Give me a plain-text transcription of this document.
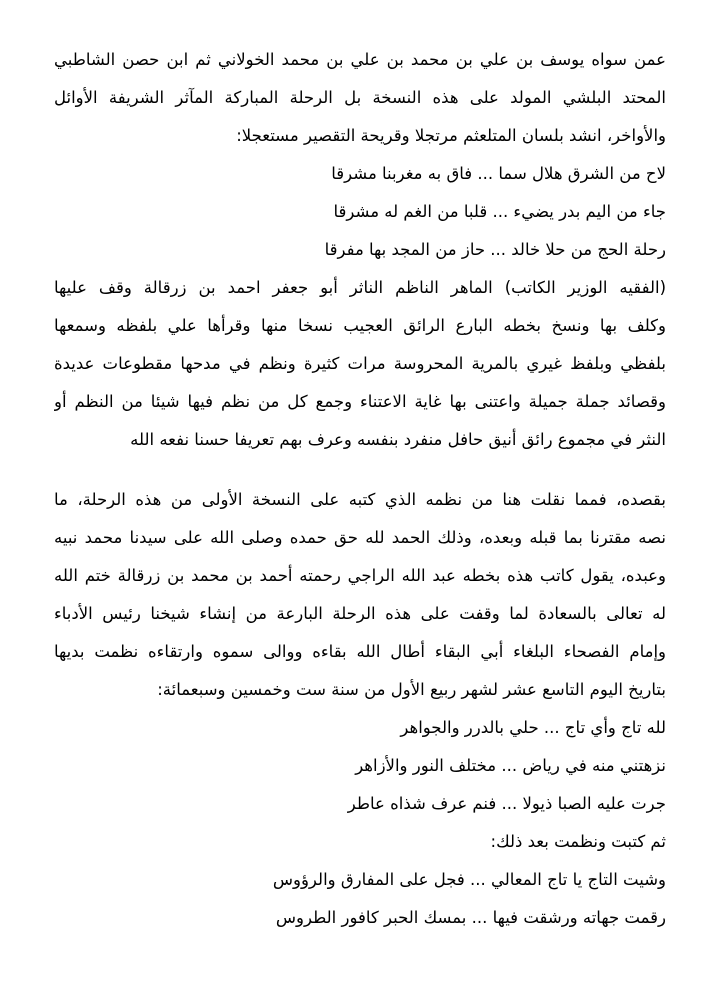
عمن سواه يوسف بن علي بن محمد بن علي بن محمد الخولاني ثم ابن حصن الشاطبي
المحتد البلشي المولد على هذه النسخة بل الرحلة المباركة المآثر الشريفة الأوائل
والأواخر، انشد بلسان المتلعثم مرتجلا وقريحة التقصير مستعجلا:
لاح من الشرق هلال سما ... فاق به مغربنا مشرقا
جاء من اليم بدر يضيء ... قلبا من الغم له مشرقا
رحلة الحج من حلا خالد ... حاز من المجد بها مفرقا
(الفقيه الوزير الكاتب) الماهر الناظم الناثر أبو جعفر احمد بن زرقالة وقف عليها
وكلف بها ونسخ بخطه البارع الرائق العجيب نسخا منها وقرأها علي بلفظه وسمعها
بلفظي وبلفظ غيري بالمرية المحروسة مرات كثيرة ونظم في مدحها مقطوعات عديدة
وقصائد جملة جميلة واعتنى بها غاية الاعتناء وجمع كل من نظم فيها شيئا من النظم أو
النثر في مجموع رائق أنيق حافل منفرد بنفسه وعرف بهم تعريفا حسنا نفعه الله
بقصده، فمما نقلت هنا من نظمه الذي كتبه على النسخة الأولى من هذه الرحلة، ما
نصه مقترنا بما قبله وبعده، وذلك الحمد لله حق حمده وصلى الله على سيدنا محمد نبيه
وعبده، يقول كاتب هذه بخطه عبد الله الراجي رحمته أحمد بن محمد بن زرقالة ختم الله
له تعالى بالسعادة لما وقفت على هذه الرحلة البارعة من إنشاء شيخنا رئيس الأدباء
وإمام الفصحاء البلغاء أبي البقاء أطال الله بقاءه ووالى سموه وارتقاءه نظمت بديها
بتاريخ اليوم التاسع عشر لشهر ربيع الأول من سنة ست وخمسين وسبعمائة:
لله تاج وأي تاج ... حلي بالدرر والجواهر
نزهتني منه في رياض ... مختلف النور والأزاهر
جرت عليه الصبا ذيولا ... فنم عرف شذاه عاطر
ثم كتبت ونظمت بعد ذلك:
وشيت التاج يا تاج المعالي ... فجل على المفارق والرؤوس
رقمت جهاته ورشقت فيها ... بمسك الحبر كافور الطروس
